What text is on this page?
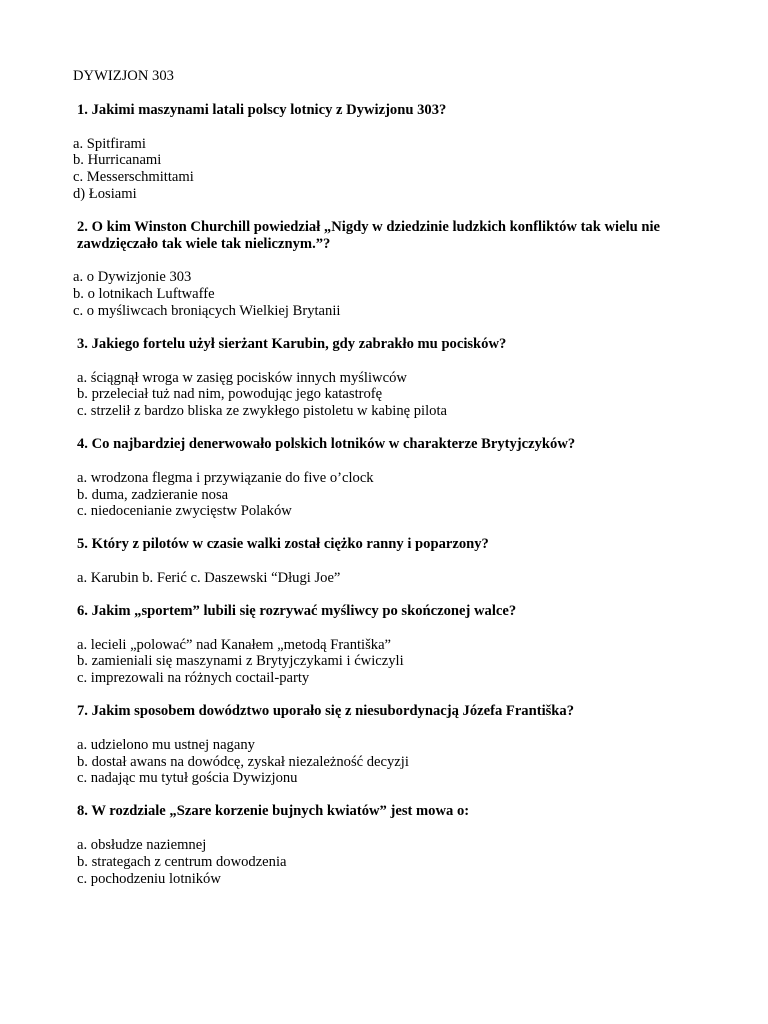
DYWIZJON 303
1. Jakimi maszynami latali polscy lotnicy z Dywizjonu 303?
a. Spitfirami
b. Hurricanami
c. Messerschmittami
d) Łosiami
2. O kim Winston Churchill powiedział „Nigdy w dziedzinie ludzkich konfliktów tak wielu nie zawdzięczało tak wiele tak nielicznym.”?
a. o Dywizjonie 303
b. o lotnikach Luftwaffe
c. o myśliwcach broniących Wielkiej Brytanii
3. Jakiego fortelu użył sierżant Karubin, gdy zabrakło mu pocisków?
a. ściągnął wroga w zasięg pocisków innych myśliwców
b. przeleciał tuż nad nim, powodując jego katastrofę
c. strzelił z bardzo bliska ze zwykłego pistoletu w kabinę pilota
4. Co najbardziej denerwowało polskich lotników w charakterze Brytyjczyków?
a. wrodzona flegma i przywiązanie do five o’clock
b. duma, zadzieranie nosa
c. niedocenianie zwycięstw Polaków
5. Który z pilotów w czasie walki został ciężko ranny i poparzony?
a. Karubin b. Ferić c. Daszewski “Długi Joe”
6. Jakim „sportem” lubili się rozrywać myśliwcy po skończonej walce?
a. lecieli „polować” nad Kanałem „metodą Františka”
b. zamieniali się maszynami z Brytyjczykami i ćwiczyli
c. imprezowali na różnych coctail-party
7. Jakim sposobem dowództwo uporało się z niesubordynacją Józefa Františka?
a. udzielono mu ustnej nagany
b. dostał awans na dowódcę, zyskał niezależność decyzji
c. nadając mu tytuł gościa Dywizjonu
8. W rozdziale „Szare korzenie bujnych kwiatów” jest mowa o:
a. obsłudze naziemnej
b. strategach z centrum dowodzenia
c. pochodzeniu lotników
